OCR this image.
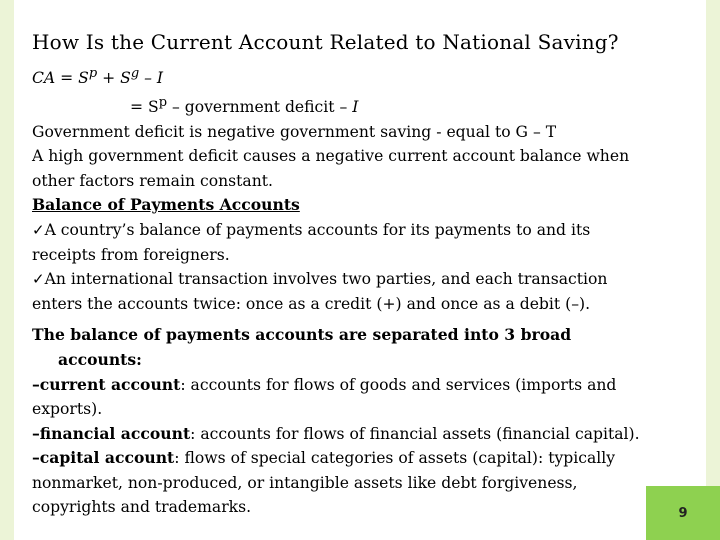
How Is the Current Account Related to National Saving?
CA = $S^p + S^g - I$
= $S^p$ – government deficit – I
Government deficit is negative government saving - equal to G – T
A high government deficit causes a negative current account balance when
other factors remain constant.
Balance of Payments Accounts
✓A country’s balance of payments accounts for its payments to and its
receipts from foreigners.
✓An international transaction involves two parties, and each transaction
enters the accounts twice: once as a credit (+) and once as a debit (–).
The balance of payments accounts are separated into 3 broad
accounts:
–current account: accounts for flows of goods and services (imports and
exports).
–financial account: accounts for flows of financial assets (financial capital).
–capital account: flows of special categories of assets (capital): typically
nonmarket, non-produced, or intangible assets like debt forgiveness,
copyrights and trademarks.	9
